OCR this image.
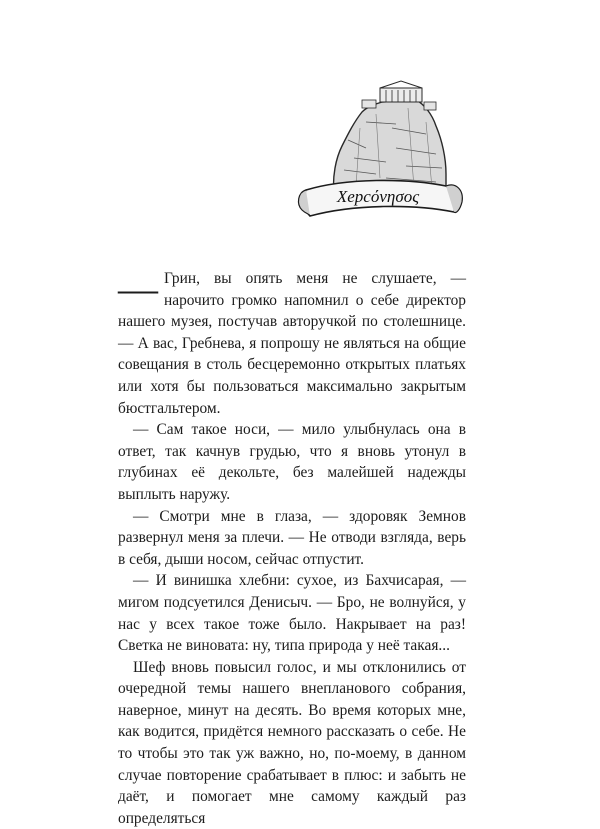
Херсόνησος

— Грин, вы опять меня не слушаете, — нарочито громко напомнил о себе директор нашего музея, постучав авторучкой по столешнице. — А вас, Гребнева, я попрошу не являться на общие совещания в столь бесцеремонно открытых платьях или хотя бы пользоваться максимально закрытым бюстгальтером.

— Сам такое носи, — мило улыбнулась она в ответ, так качнув грудью, что я вновь утонул в глубинах её декольте, без малейшей надежды выплыть наружу.

— Смотри мне в глаза, — здоровяк Земнов развернул меня за плечи. — Не отводи взгляда, верь в себя, дыши носом, сейчас отпустит.

— И винишка хлебни: сухое, из Бахчисарая, — мигом подсуетился Денисыч. — Бро, не волнуйся, у нас у всех такое тоже было. Накрывает на раз! Светка не виновата: ну, типа природа у неё такая...

Шеф вновь повысил голос, и мы отклонились от очередной темы нашего внепланового собрания, наверное, минут на десять. Во время которых мне, как водится, придётся немного рассказать о себе. Не то чтобы это так уж важно, но, по-моему, в данном случае повторение срабатывает в плюс: и забыть не даёт, и помогает мне самому каждый раз определяться
